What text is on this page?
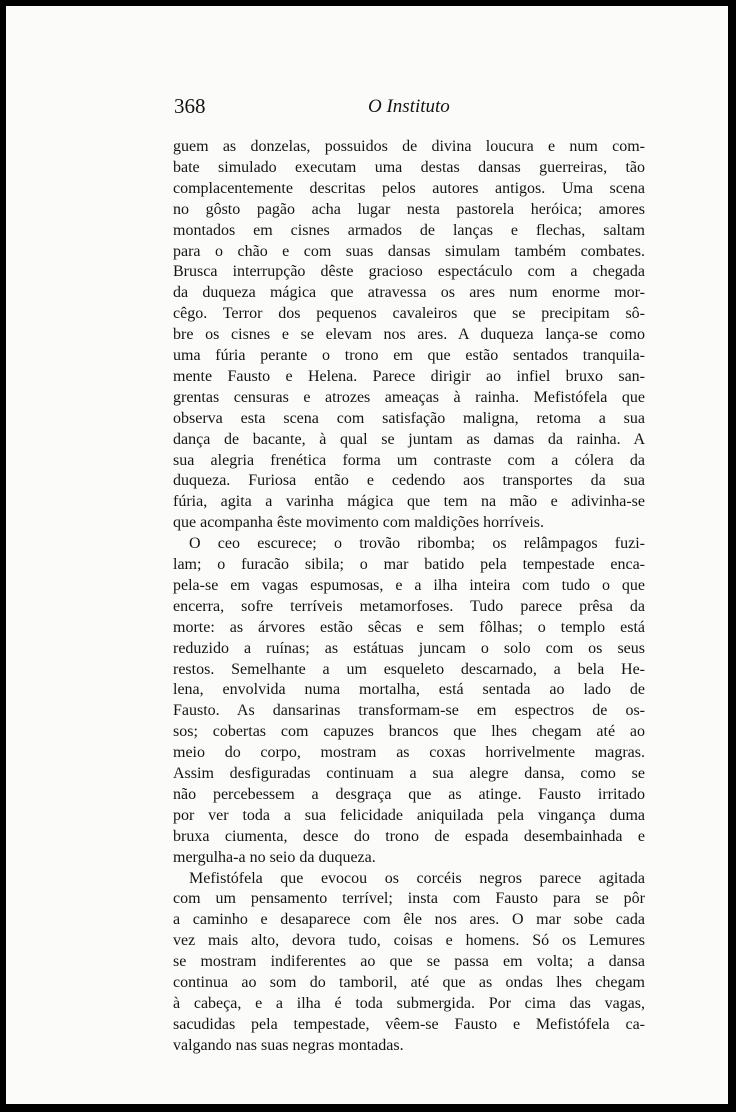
368	O Instituto
guem as donzelas, possuidos de divina loucura e num com-
bate simulado executam uma destas dansas guerreiras, tão
complacentemente descritas pelos autores antigos. Uma scena
no gôsto pagão acha lugar nesta pastorela heróica; amores
montados em cisnes armados de lanças e flechas, saltam
para o chão e com suas dansas simulam também combates.
Brusca interrupção dêste gracioso espectáculo com a chegada
da duqueza mágica que atravessa os ares num enorme mor-
cêgo. Terror dos pequenos cavaleiros que se precipitam sô-
bre os cisnes e se elevam nos ares. A duqueza lança-se como
uma fúria perante o trono em que estão sentados tranquila-
mente Fausto e Helena. Parece dirigir ao infiel bruxo san-
grentas censuras e atrozes ameaças à rainha. Mefistófela que
observa esta scena com satisfação maligna, retoma a sua
dança de bacante, à qual se juntam as damas da rainha. A
sua alegria frenética forma um contraste com a cólera da
duqueza. Furiosa então e cedendo aos transportes da sua
fúria, agita a varinha mágica que tem na mão e adivinha-se
que acompanha êste movimento com maldições horríveis.
O ceo escurece; o trovão ribomba; os relâmpagos fuzi-
lam; o furacão sibila; o mar batido pela tempestade enca-
pela-se em vagas espumosas, e a ilha inteira com tudo o que
encerra, sofre terríveis metamorfoses. Tudo parece prêsa da
morte: as árvores estão sêcas e sem fôlhas; o templo está
reduzido a ruínas; as estátuas juncam o solo com os seus
restos. Semelhante a um esqueleto descarnado, a bela He-
lena, envolvida numa mortalha, está sentada ao lado de
Fausto. As dansarinas transformam-se em espectros de os-
sos; cobertas com capuzes brancos que lhes chegam até ao
meio do corpo, mostram as coxas horrivelmente magras.
Assim desfiguradas continuam a sua alegre dansa, como se
não percebessem a desgraça que as atinge. Fausto irritado
por ver toda a sua felicidade aniquilada pela vingança duma
bruxa ciumenta, desce do trono de espada desembainhada e
mergulha-a no seio da duqueza.
Mefistófela que evocou os corcéis negros parece agitada
com um pensamento terrível; insta com Fausto para se pôr
a caminho e desaparece com êle nos ares. O mar sobe cada
vez mais alto, devora tudo, coisas e homens. Só os Lemures
se mostram indiferentes ao que se passa em volta; a dansa
continua ao som do tamboril, até que as ondas lhes chegam
à cabeça, e a ilha é toda submergida. Por cima das vagas,
sacudidas pela tempestade, vêem-se Fausto e Mefistófela ca-
valgando nas suas negras montadas.
